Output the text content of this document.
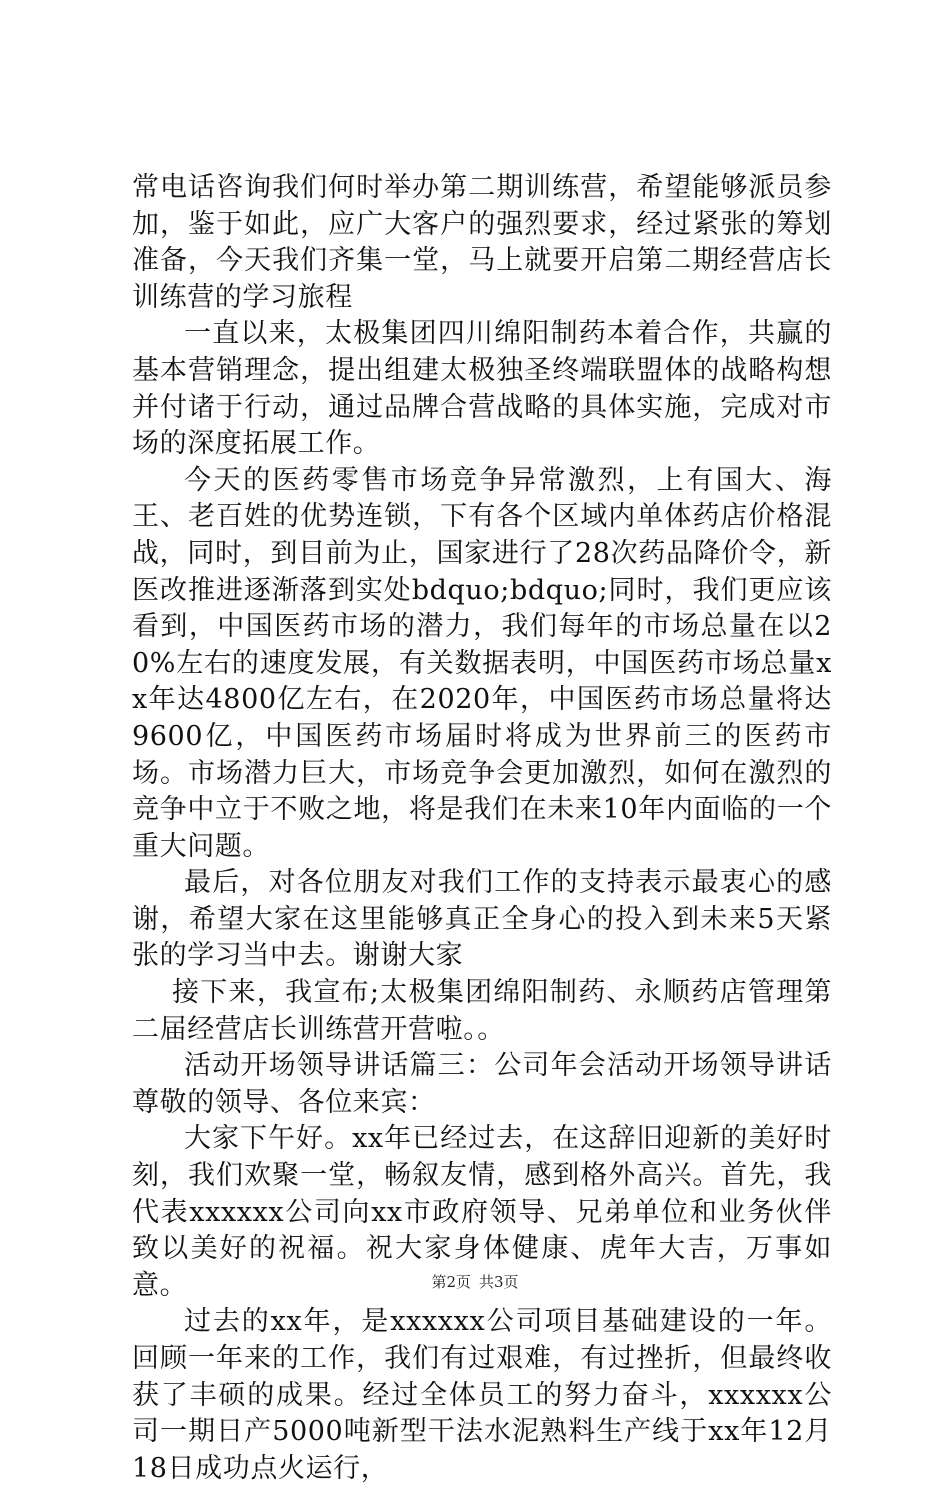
常电话咨询我们何时举办第二期训练营，希望能够派员参加，鉴于如此，应广大客户的强烈要求，经过紧张的筹划准备，今天我们齐集一堂，马上就要开启第二期经营店长训练营的学习旅程

一直以来，太极集团四川绵阳制药本着合作，共赢的基本营销理念，提出组建太极独圣终端联盟体的战略构想并付诸于行动，通过品牌合营战略的具体实施，完成对市场的深度拓展工作。

今天的医药零售市场竞争异常激烈，上有国大、海王、老百姓的优势连锁，下有各个区域内单体药店价格混战，同时，到目前为止，国家进行了28次药品降价令，新医改推进逐渐落到实处bdquo;bdquo;同时，我们更应该看到，中国医药市场的潜力，我们每年的市场总量在以20%左右的速度发展，有关数据表明，中国医药市场总量xx年达4800亿左右，在2020年，中国医药市场总量将达9600亿，中国医药市场届时将成为世界前三的医药市场。市场潜力巨大，市场竞争会更加激烈，如何在激烈的竞争中立于不败之地，将是我们在未来10年内面临的一个重大问题。

最后，对各位朋友对我们工作的支持表示最衷心的感谢，希望大家在这里能够真正全身心的投入到未来5天紧张的学习当中去。谢谢大家

接下来，我宣布;太极集团绵阳制药、永顺药店管理第二届经营店长训练营开营啦。。

活动开场领导讲话篇三：公司年会活动开场领导讲话尊敬的领导、各位来宾：

大家下午好。xx年已经过去，在这辞旧迎新的美好时刻，我们欢聚一堂，畅叙友情，感到格外高兴。首先，我代表xxxxxx公司向xx市政府领导、兄弟单位和业务伙伴致以美好的祝福。祝大家身体健康、虎年大吉，万事如意。

过去的xx年，是xxxxxx公司项目基础建设的一年。回顾一年来的工作，我们有过艰难，有过挫折，但最终收获了丰硕的成果。经过全体员工的努力奋斗，xxxxxx公司一期日产5000吨新型干法水泥熟料生产线于xx年12月18日成功点火运行，

第2页 共3页
